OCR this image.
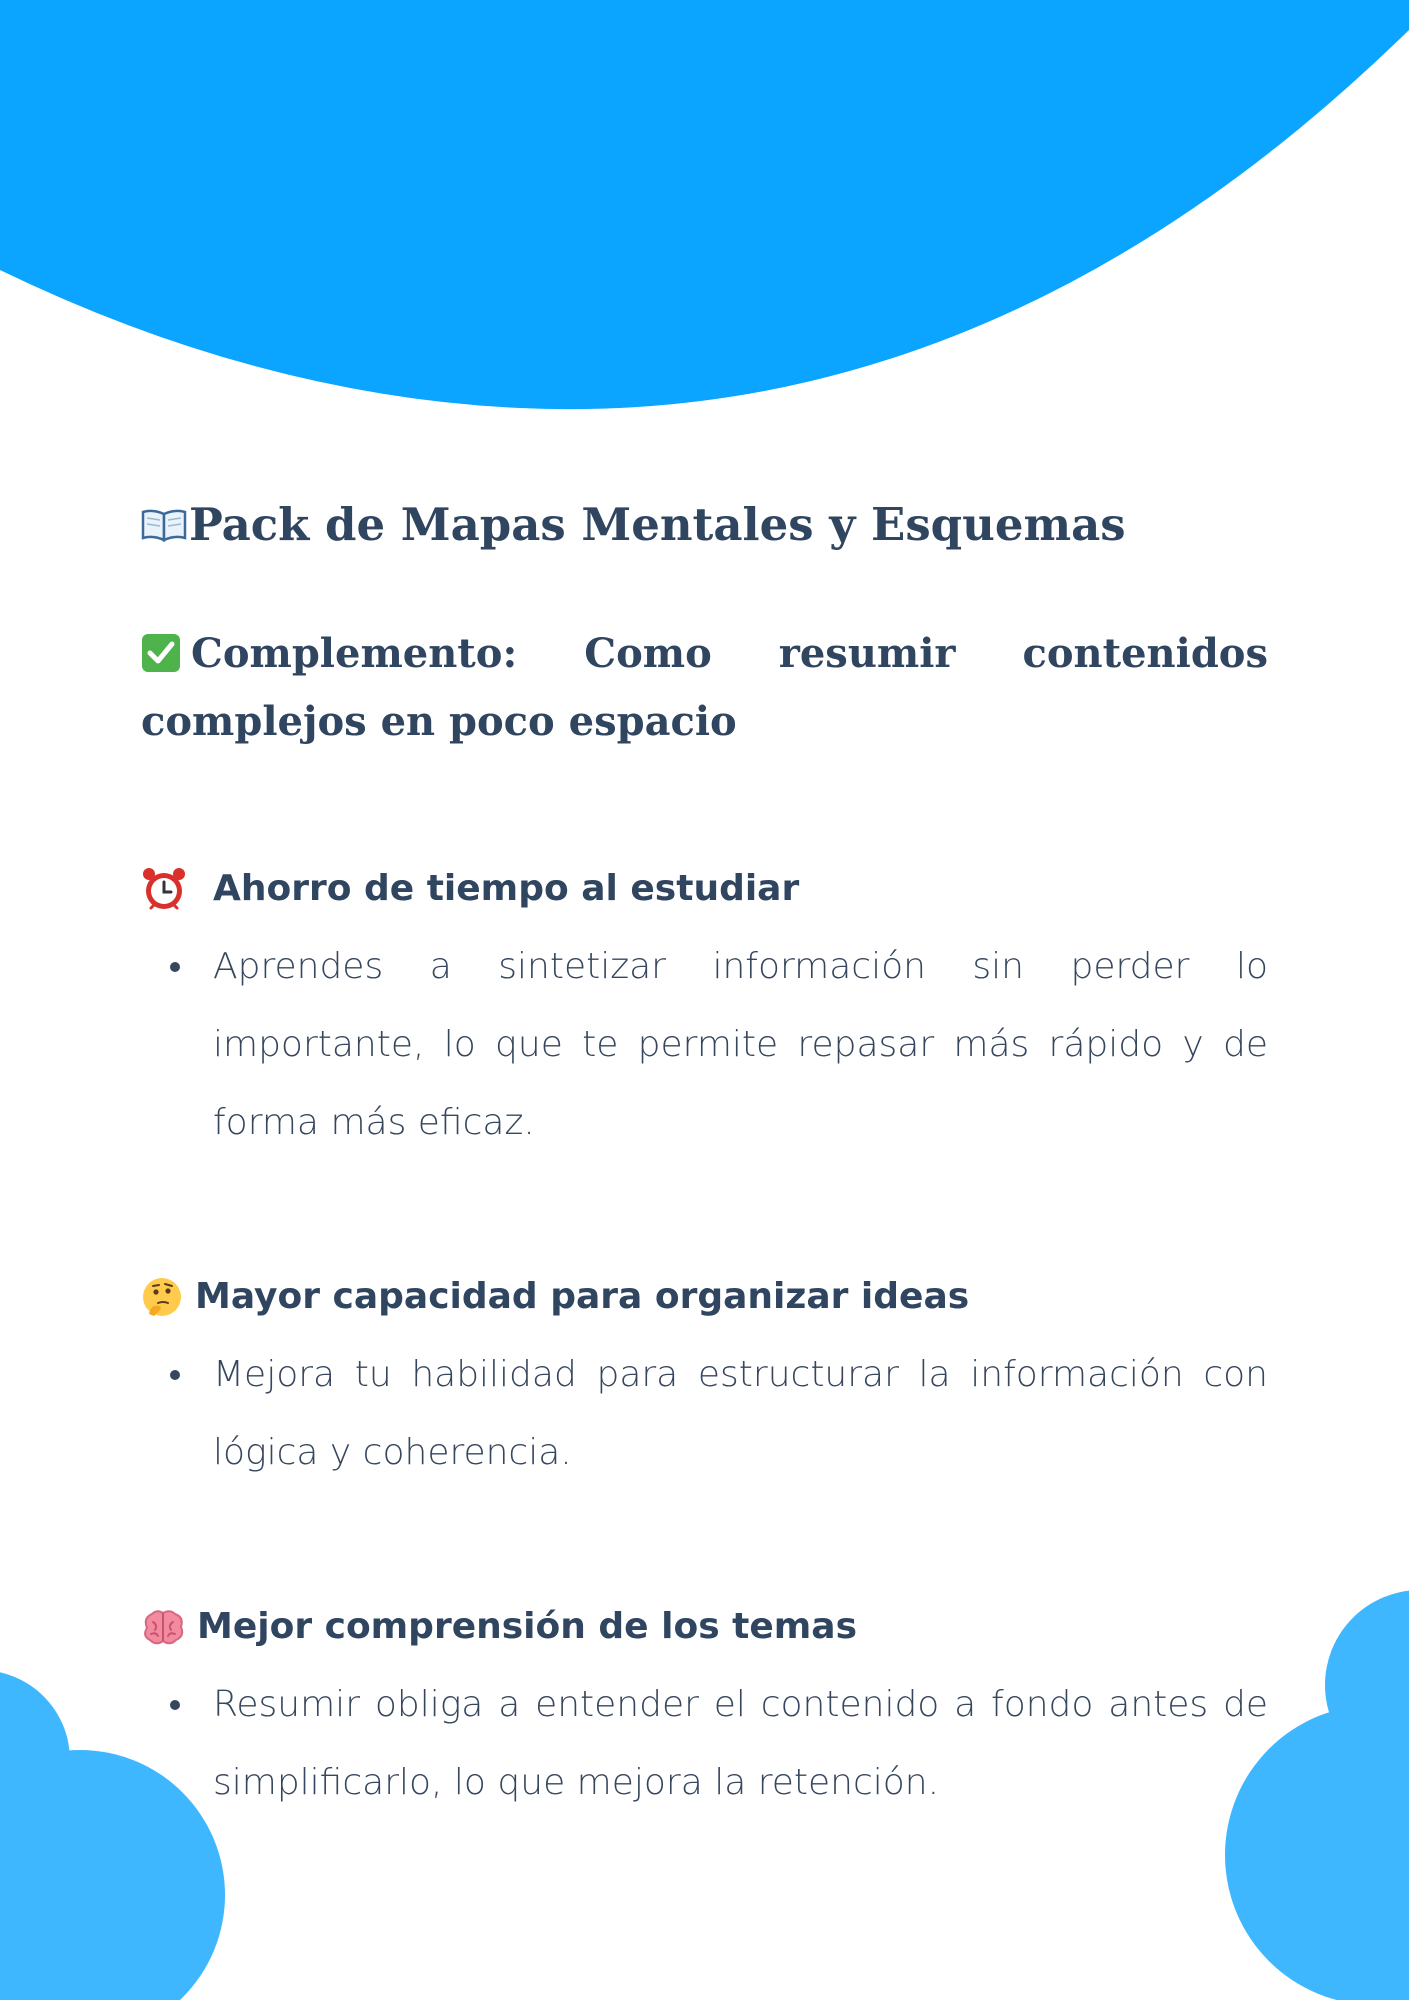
Pack de Mapas Mentales y Esquemas

Complemento: Como resumir contenidos complejos en poco espacio

Ahorro de tiempo al estudiar

Aprendes a sintetizar información sin perder lo importante, lo que te permite repasar más rápido y de forma más eficaz.

Mayor capacidad para organizar ideas

Mejora tu habilidad para estructurar la información con lógica y coherencia.

Mejor comprensión de los temas

Resumir obliga a entender el contenido a fondo antes de simplificarlo, lo que mejora la retención.
